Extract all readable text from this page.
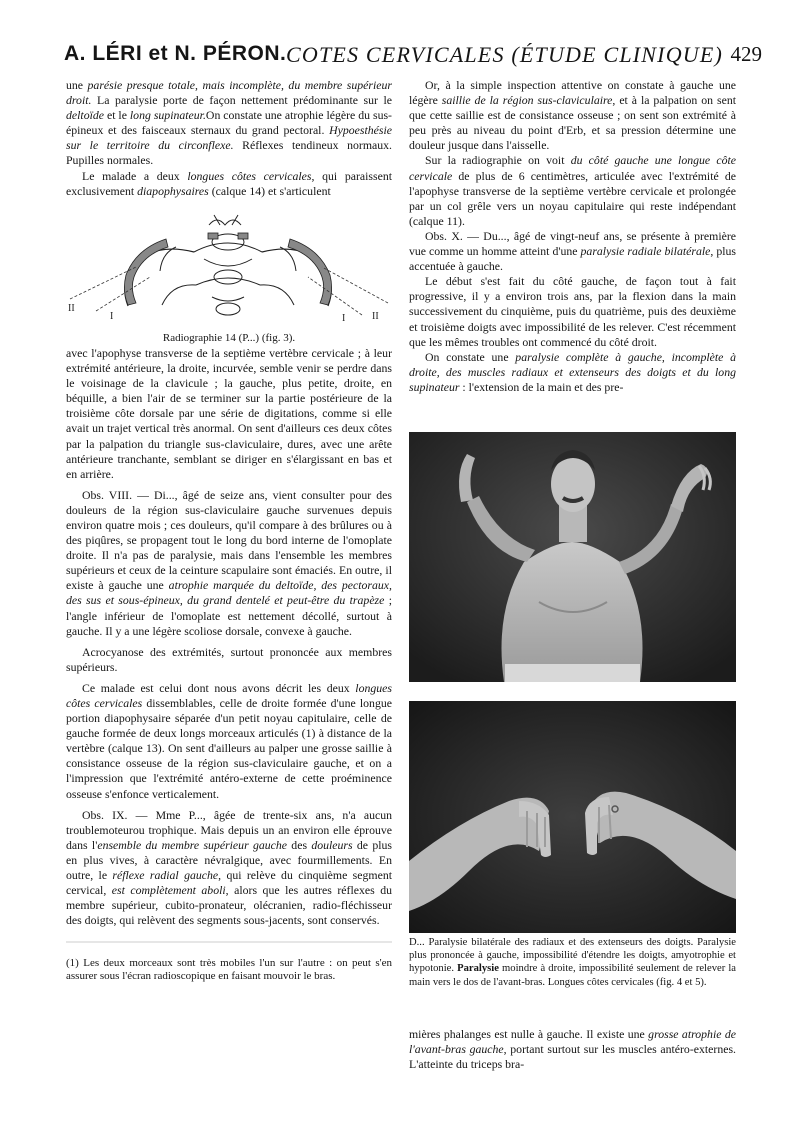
A. LÉRI et N. PÉRON. COTES CERVICALES (ÉTUDE CLINIQUE) 429

une parésie presque totale, mais incomplète, du membre supérieur droit. La paralysie porte de façon nettement prédominante sur le deltoïde et le long supinateur.On constate une atrophie légère du sus-épineux et des faisceaux sternaux du grand pectoral. Hypoesthésie sur le territoire du circonflexe. Réflexes tendineux normaux. Pupilles normales.

Le malade a deux longues côtes cervicales, qui paraissent exclusivement diapophysaires (calque 14) et s'articulent

II
I	I	II

Radiographie 14 (P...) (fig. 3).

avec l'apophyse transverse de la septième vertèbre cervicale ; à leur extrémité antérieure, la droite, incurvée, semble venir se perdre dans le voisinage de la clavicule ; la gauche, plus petite, droite, en béquille, a bien l'air de se terminer sur la partie postérieure de la troisième côte dorsale par une série de digitations, comme si elle avait un trajet vertical très anormal. On sent d'ailleurs ces deux côtes par la palpation du triangle sus-claviculaire, dures, avec une arête antérieure tranchante, semblant se diriger en s'élargissant en bas et en arrière.

Obs. VIII. — Di..., âgé de seize ans, vient consulter pour des douleurs de la région sus-claviculaire gauche survenues depuis environ quatre mois ; ces douleurs, qu'il compare à des brûlures ou à des piqûres, se propagent tout le long du bord interne de l'omoplate droite. Il n'a pas de paralysie, mais dans l'ensemble les membres supérieurs et ceux de la ceinture scapulaire sont émaciés. En outre, il existe à gauche une atrophie marquée du deltoïde, des pectoraux, des sus et sous-épineux, du grand dentelé et peut-être du trapèze ; l'angle inférieur de l'omoplate est nettement décollé, surtout à gauche. Il y a une légère scoliose dorsale, convexe à gauche.

Acrocyanose des extrémités, surtout prononcée aux membres supérieurs.

Ce malade est celui dont nous avons décrit les deux longues côtes cervicales dissemblables, celle de droite formée d'une longue portion diapophysaire séparée d'un petit noyau capitulaire, celle de gauche formée de deux longs morceaux articulés (1) à distance de la vertèbre (calque 13). On sent d'ailleurs au palper une grosse saillie à consistance osseuse de la région sus-claviculaire gauche, et on a l'impression que l'extrémité antéro-externe de cette proéminence osseuse s'enfonce verticalement.

Obs. IX. — Mme P..., âgée de trente-six ans, n'a aucun troublemoteurou trophique. Mais depuis un an environ elle éprouve dans l'ensemble du membre supérieur gauche des douleurs de plus en plus vives, à caractère névralgique, avec fourmillements. En outre, le réflexe radial gauche, qui relève du cinquième segment cervical, est complètement aboli, alors que les autres réflexes du membre supérieur, cubito-pronateur, olécranien, radio-fléchisseur des doigts, qui relèvent des segments sous-jacents, sont conservés.

(1) Les deux morceaux sont très mobiles l'un sur l'autre : on peut s'en assurer sous l'écran radioscopique en faisant mouvoir le bras.

Or, à la simple inspection attentive on constate à gauche une légère saillie de la région sus-claviculaire, et à la palpation on sent que cette saillie est de consistance osseuse ; on sent son extrémité à peu près au niveau du point d'Erb, et sa pression détermine une douleur jusque dans l'aisselle.

Sur la radiographie on voit du côté gauche une longue côte cervicale de plus de 6 centimètres, articulée avec l'extrémité de l'apophyse transverse de la septième vertèbre cervicale et prolongée par un col grêle vers un noyau capitulaire qui reste indépendant (calque 11).

Obs. X. — Du..., âgé de vingt-neuf ans, se présente à première vue comme un homme atteint d'une paralysie radiale bilatérale, plus accentuée à gauche.

Le début s'est fait du côté gauche, de façon tout à fait progressive, il y a environ trois ans, par la flexion dans la main successivement du cinquième, puis du quatrième, puis des deuxième et troisième doigts avec impossibilité de les relever. C'est récemment que les mêmes troubles ont commencé du côté droit.

On constate une paralysie complète à gauche, incomplète à droite, des muscles radiaux et extenseurs des doigts et du long supinateur : l'extension de la main et des pre-

D... Paralysie bilatérale des radiaux et des extenseurs des doigts. Paralysie plus prononcée à gauche, impossibilité d'étendre les doigts, amyotrophie et hypotonie. Paralysie moindre à droite, impossibilité seulement de relever la main vers le dos de l'avant-bras. Longues côtes cervicales (fig. 4 et 5).
mières phalanges est nulle à gauche. Il existe une grosse atrophie de l'avant-bras gauche, portant surtout sur les muscles antéro-externes. L'atteinte du triceps bra-
